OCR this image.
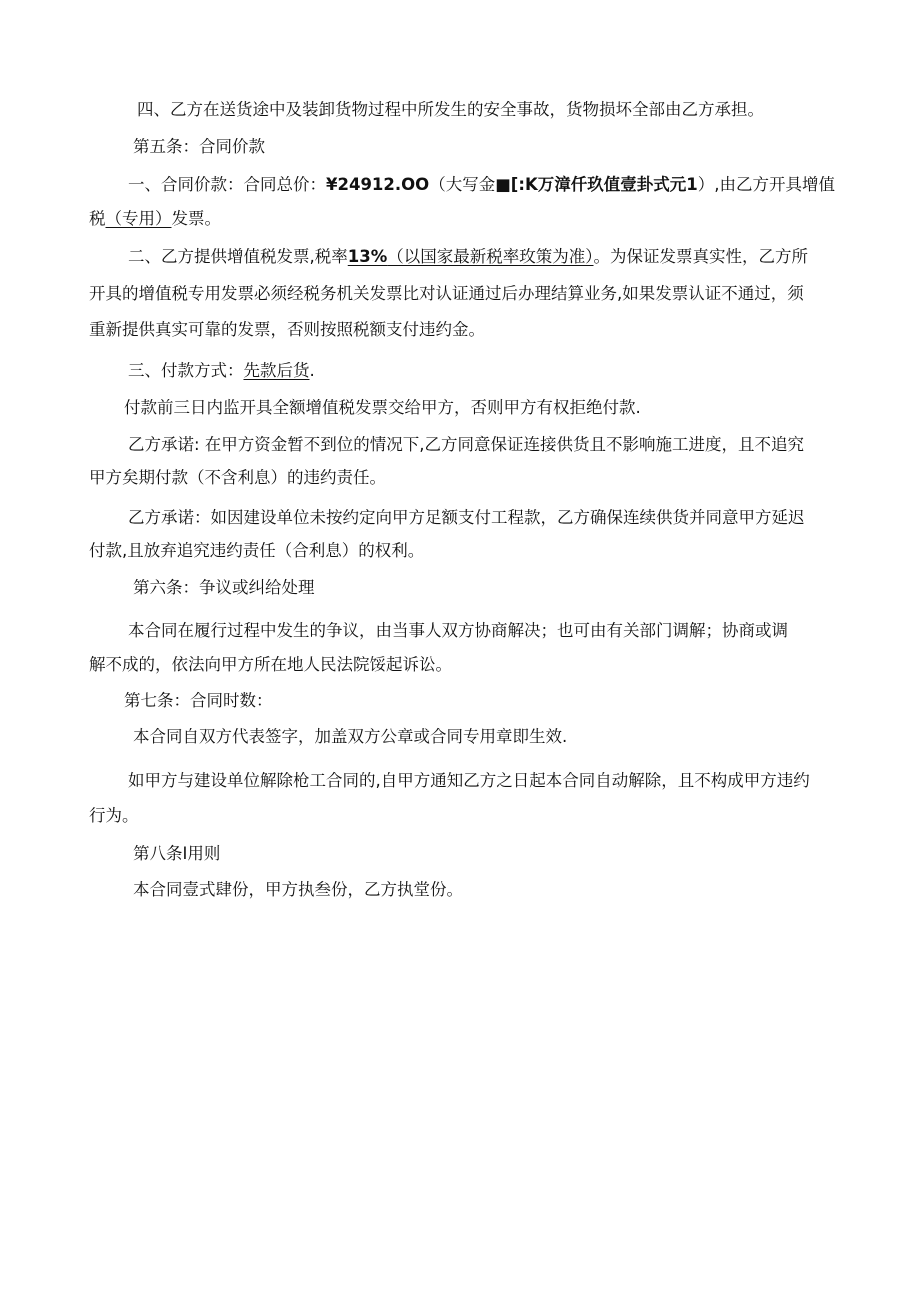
四、乙方在送货途中及装卸货物过程中所发生的安全事故，货物损坏全部由乙方承担。
第五条：合同价款
一、合同价款：合同总价：¥24912.OO（大写金■[:K万漳仟玖值壹卦式元1）,由乙方开具增值
税（专用）发票。
二、乙方提供增值税发票,税率13%（以国家最新税率玫策为准）。为保证发票真实性，乙方所
开具的增值税专用发票必须经税务机关发票比对认证通过后办理结算业务,如果发票认证不通过，须
重新提供真实可靠的发票，否则按照税额支付违约金。
三、付款方式：先款后货.
付款前三日内监开具全额增值税发票交给甲方，否则甲方有权拒绝付款.
乙方承诺: 在甲方资金暂不到位的情况下,乙方同意保证连接供货且不影响施工进度，且不追究
甲方矣期付款（不含利息）的违约责任。
乙方承诺：如因建设单位未按约定向甲方足额支付工程款，乙方确保连续供货并同意甲方延迟
付款,且放弃追究违约责任（合利息）的权利。
第六条：争议或纠给处理
本合同在履行过程中发生的争议，由当事人双方协商解决；也可由有关部门调解；协商或调
解不成的，依法向甲方所在地人民法院馁起诉讼。
第七条：合同时数：
本合同自双方代表签字，加盖双方公章或合同专用章即生效.
如甲方与建设单位解除枪工合同的,自甲方通知乙方之日起本合同自动解除，且不构成甲方违约
行为。
第八条I用则
本合同壹式肆份，甲方执叁份，乙方执堂份。
